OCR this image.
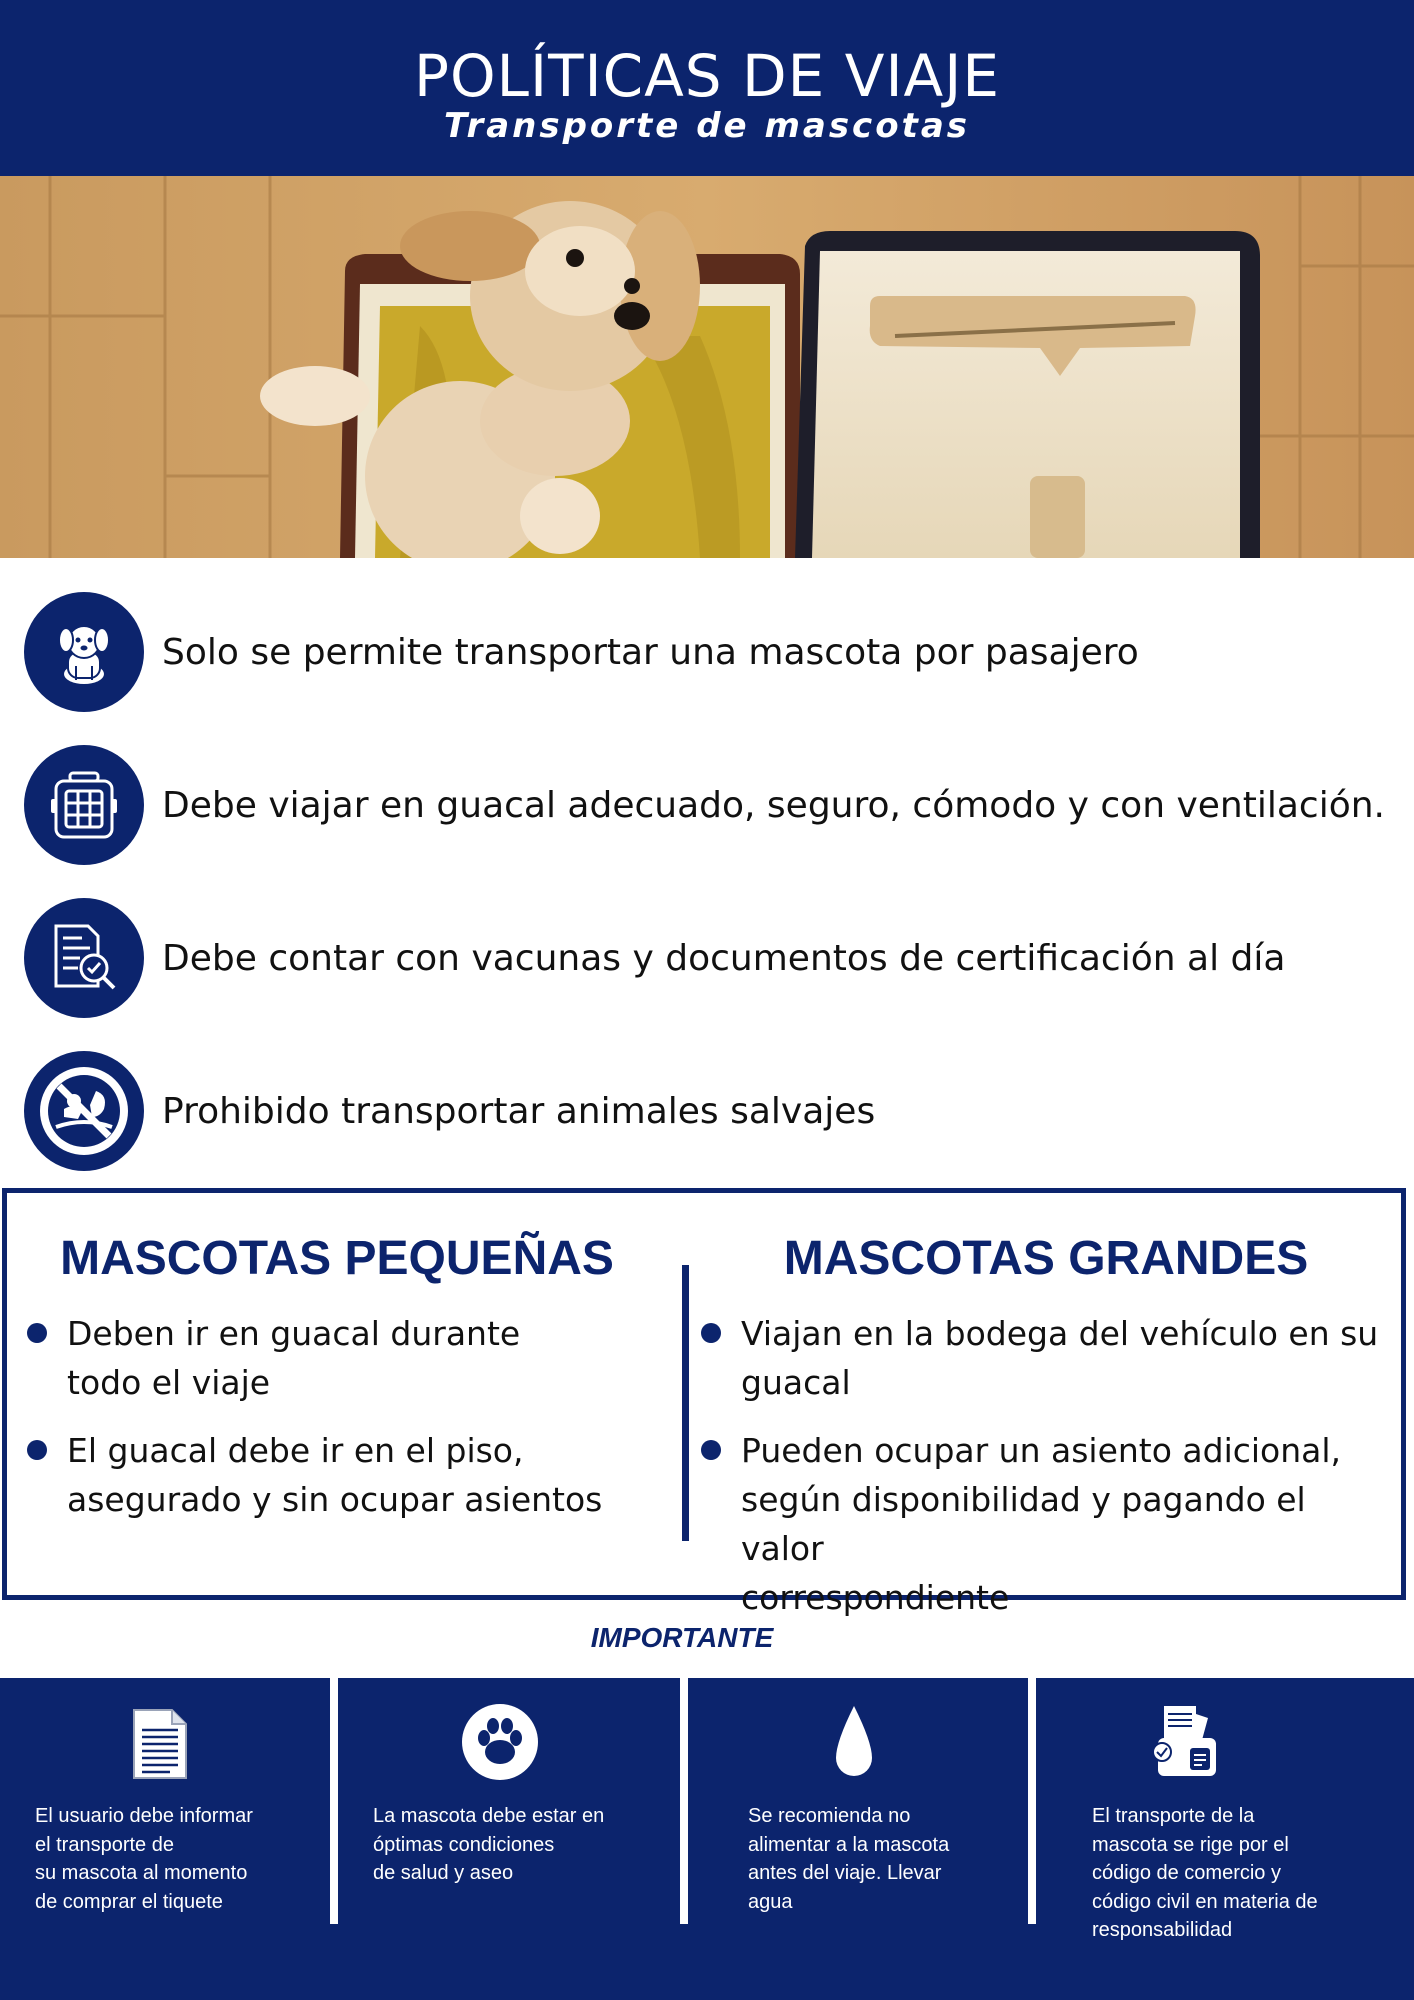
POLÍTICAS DE VIAJE
Transporte de mascotas
Solo se permite transportar una mascota por pasajero
Debe viajar en guacal adecuado, seguro, cómodo y con ventilación.
Debe contar con vacunas y documentos de certificación al día
Prohibido transportar animales salvajes
MASCOTAS PEQUEÑAS
Deben ir en guacal durante
todo el viaje
El guacal debe ir en el piso,
asegurado y sin ocupar asientos
MASCOTAS GRANDES
Viajan en la bodega del vehículo en su
guacal
Pueden ocupar un asiento adicional,
según disponibilidad y pagando el valor
correspondiente
IMPORTANTE
El usuario debe informar
el transporte de
su mascota al momento
de comprar el tiquete
La mascota debe estar en
óptimas condiciones
de salud y aseo
Se recomienda no
alimentar a la mascota
antes del viaje. Llevar
agua
El transporte de la
mascota se rige por el
código de comercio y
código civil en materia de
responsabilidad
